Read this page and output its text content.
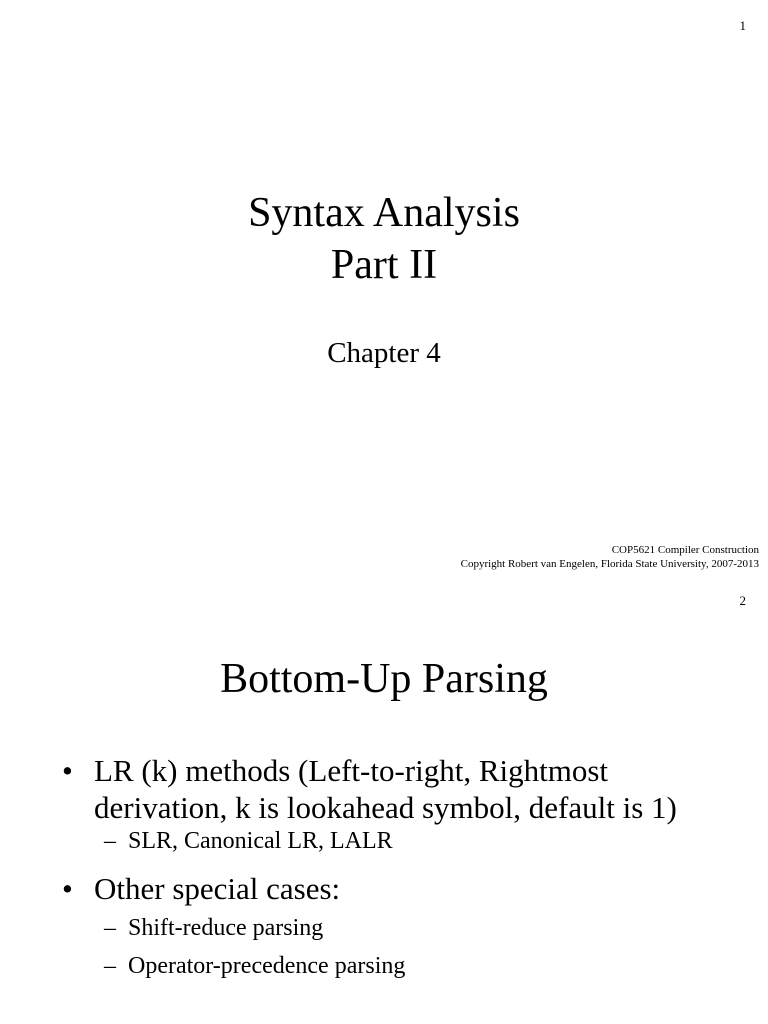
1
Syntax Analysis
Part II
Chapter 4
COP5621 Compiler Construction
Copyright Robert van Engelen, Florida State University, 2007-2013
2
Bottom-Up Parsing
• LR (k) methods (Left-to-right, Rightmost derivation, k is lookahead symbol, default is 1)
– SLR, Canonical LR, LALR
• Other special cases:
– Shift-reduce parsing
– Operator-precedence parsing
